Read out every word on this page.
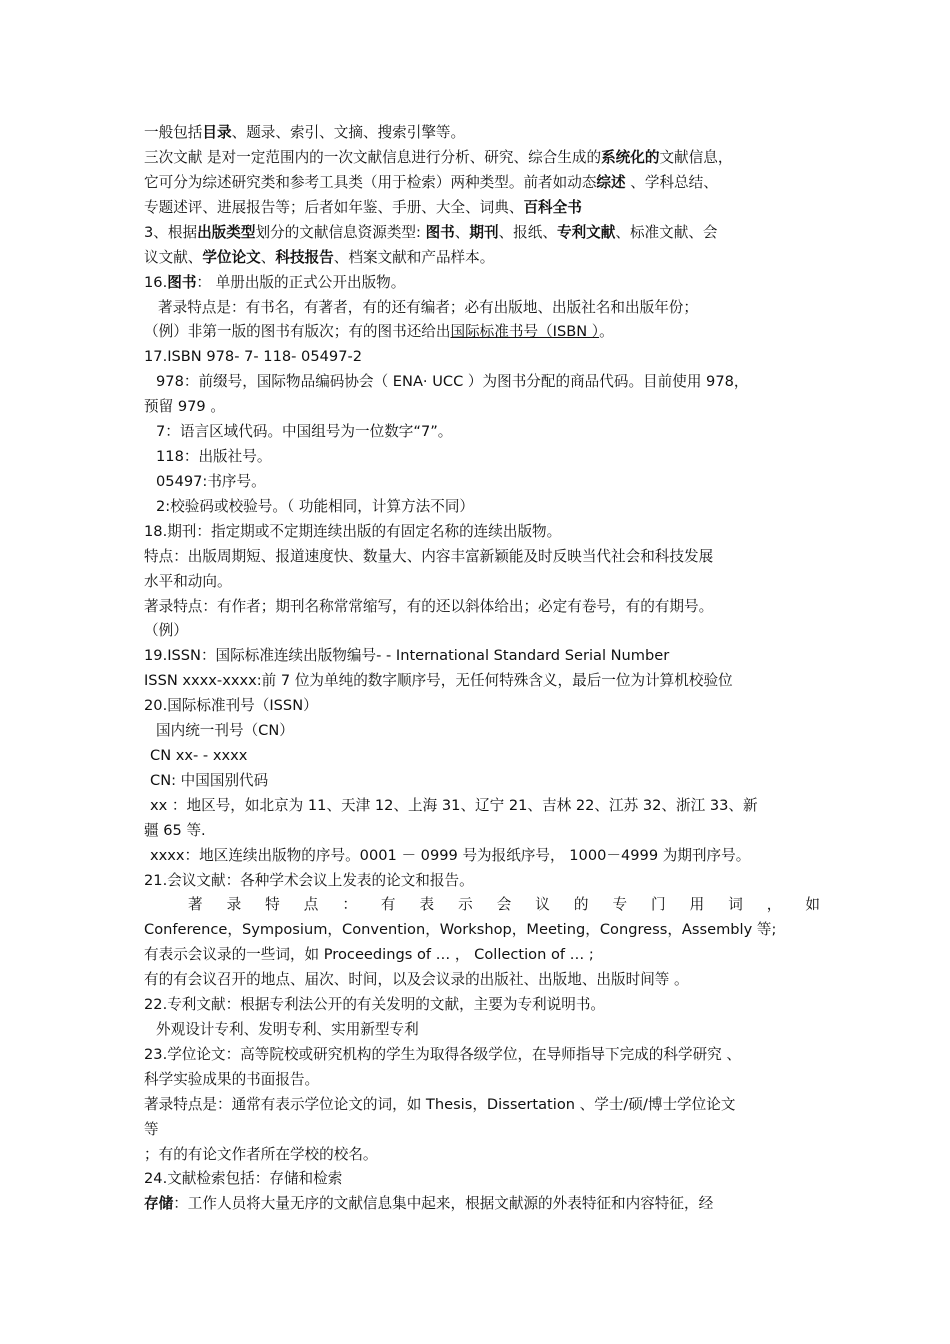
一般包括目录、题录、索引、文摘、搜索引擎等。
三次文献 是对一定范围内的一次文献信息进行分析、研究、综合生成的系统化的文献信息，
它可分为综述研究类和参考工具类（用于检索）两种类型。前者如动态综述 、学科总结、
专题述评、进展报告等；后者如年鉴、手册、大全、词典、百科全书
3、根据出版类型划分的文献信息资源类型: 图书、期刊、报纸、专利文献、标准文献、会
议文献、学位论文、科技报告、档案文献和产品样本。
16.图书： 单册出版的正式公开出版物。
著录特点是：有书名，有著者，有的还有编者；必有出版地、出版社名和出版年份；
（例）非第一版的图书有版次；有的图书还给出国际标准书号（ISBN ）。
17.ISBN 978- 7- 118- 05497-2
978：前缀号，国际物品编码协会（ ENA· UCC ）为图书分配的商品代码。目前使用 978，
预留 979 。
7：语言区域代码。中国组号为一位数字“7”。
118：出版社号。
05497:书序号。
2:校验码或校验号。（ 功能相同，计算方法不同）
18.期刊：指定期或不定期连续出版的有固定名称的连续出版物。
特点：出版周期短、报道速度快、数量大、内容丰富新颖能及时反映当代社会和科技发展
水平和动向。
著录特点：有作者；期刊名称常常缩写，有的还以斜体给出；必定有卷号，有的有期号。
（例）
19.ISSN：国际标准连续出版物编号- - International Standard Serial Number
ISSN xxxx-xxxx:前 7 位为单纯的数字顺序号，无任何特殊含义，最后一位为计算机校验位
20.国际标准刊号（ISSN）
国内统一刊号（CN）
CN xx- - xxxx
CN: 中国国别代码
xx ：地区号，如北京为 11、天津 12、上海 31、辽宁 21、吉林 22、江苏 32、浙江 33、新
疆 65 等.
xxxx：地区连续出版物的序号。0001 － 0999 号为报纸序号， 1000－4999 为期刊序号。
21.会议文献：各种学术会议上发表的论文和报告。
著 录 特 点 ： 有 表 示 会 议 的 专 门 用 词 ， 如
Conference，Symposium，Convention，Workshop，Meeting，Congress，Assembly 等;
有表示会议录的一些词，如 Proceedings of … ， Collection of … ;
有的有会议召开的地点、届次、时间，以及会议录的出版社、出版地、出版时间等 。
22.专利文献：根据专利法公开的有关发明的文献，主要为专利说明书。
外观设计专利、发明专利、实用新型专利
23.学位论文：高等院校或研究机构的学生为取得各级学位，在导师指导下完成的科学研究 、
科学实验成果的书面报告。
著录特点是：通常有表示学位论文的词，如 Thesis，Dissertation 、学士/硕/博士学位论文
等
；有的有论文作者所在学校的校名。
24.文献检索包括：存储和检索
存储：工作人员将大量无序的文献信息集中起来，根据文献源的外表特征和内容特征，经
